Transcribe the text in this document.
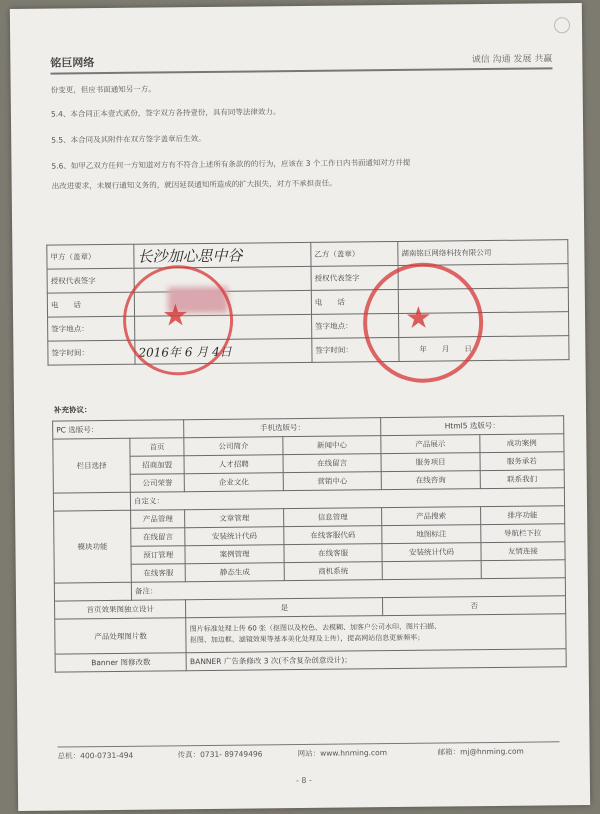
铭巨网络	诚信 沟通 发展 共赢
份变更，但应书面通知另一方。
5.4、本合同正本壹式贰份，签字双方各持壹份，具有同等法律效力。
5.5、本合同及其附件在双方签字盖章后生效。
5.6、如甲乙双方任何一方知道对方有不符合上述所有条款的的行为，应该在 3 个工作日内书面通知对方并提
出改进要求，未履行通知义务的，就因延误通知所造成的扩大损失，对方不承担责任。
甲方（盖章）	长沙加心思中谷	乙方（盖章）	湖南铭巨网络科技有限公司
授权代表签字		授权代表签字	
电　　话		电　　话	
签字地点：		签字地点：	
签字时间：	2016年 6 月 4日	签字时间：	年　　月　　日
★	★
补充协议：
PC 选版号：		手机选版号：		Html5 选版号：	
栏目选择	首页	公司简介	新闻中心	产品展示	成功案例
	招商加盟	人才招聘	在线留言	服务项目	服务承若
	公司荣誉	企业文化	营销中心	在线咨询	联系我们
	自定义：				
模块功能	产品管理	文章管理	信息管理	产品搜索	排序功能
	在线留言	安装统计代码	在线客服代码	地图标注	导航栏下拉
	预订管理	案例管理	在线客服	安装统计代码	友情连接
	在线客服	静态生成	商机系统		
	备注：				
首页效果图独立设计		是		否	
产品处理图片数		图片标准处理上传 60 张（抠图以及校色、去模糊、加客户公司水印、图片扫描、
抠图、加边框、滤镜效果等基本美化处理及上传），提高网站信息更新频率；			

Banner 图修改数		BANNER 广告条修改 3 次(不含复杂创意设计)；			
总机：400-0731-494	传真：0731- 89749496	网站：www.hnming.com	邮箱：mj@hnming.com
- 8 -
